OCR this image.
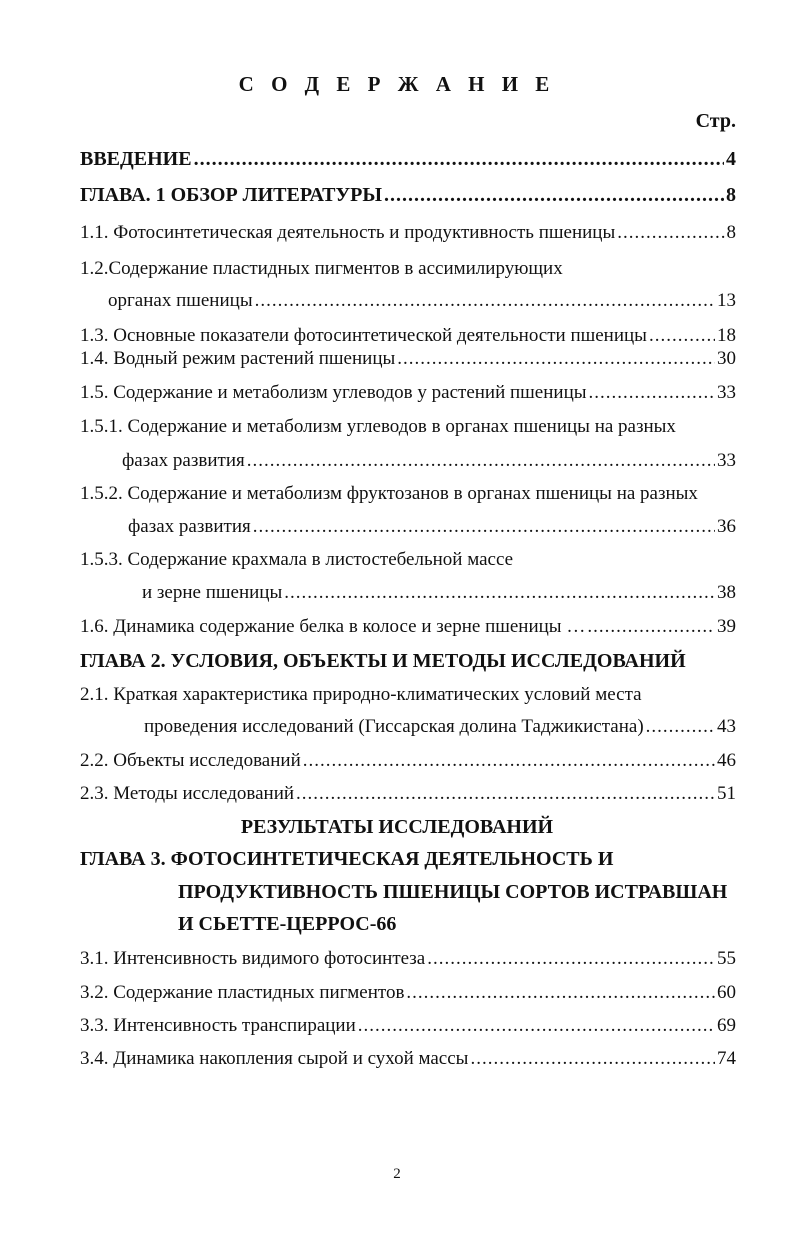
С О Д Е Р Ж А Н И Е
Стр.
ВВЕДЕНИЕ .....	4
ГЛАВА. 1 ОБЗОР ЛИТЕРАТУРЫ .....	8
1.1. Фотосинтетическая деятельность и продуктивность пшеницы .....	8
1.2.Содержание пластидных пигментов в ассимилирующих
органах пшеницы .....	13
1.3. Основные показатели фотосинтетической деятельности пшеницы .....	18
1.4. Водный режим растений пшеницы .....	30
1.5. Содержание и метаболизм углеводов у растений пшеницы .....	33
1.5.1. Содержание и метаболизм углеводов в органах пшеницы на разных
фазах развития .....	33
1.5.2. Содержание и метаболизм фруктозанов в органах пшеницы на разных
фазах развития .....	36
1.5.3. Содержание крахмала в листостебельной массе
и зерне пшеницы .....	38
1.6. Динамика содержание белка в колосе и зерне пшеницы … .....	39
ГЛАВА 2. УСЛОВИЯ, ОБЪЕКТЫ И МЕТОДЫ ИССЛЕДОВАНИЙ
2.1. Краткая характеристика природно-климатических условий места
проведения исследований (Гиссарская долина Таджикистана) .....	43
2.2. Объекты исследований .....	46
2.3. Методы исследований .....	51
РЕЗУЛЬТАТЫ ИССЛЕДОВАНИЙ
ГЛАВА 3. ФОТОСИНТЕТИЧЕСКАЯ ДЕЯТЕЛЬНОСТЬ И
ПРОДУКТИВНОСТЬ ПШЕНИЦЫ СОРТОВ ИСТРАВШАН
И СЬЕТТЕ-ЦЕРРОС-66
3.1. Интенсивность видимого фотосинтеза .....	55
3.2. Содержание пластидных пигментов .....	60
3.3. Интенсивность транспирации .....	69
3.4. Динамика накопления сырой и сухой массы .....	74
2
